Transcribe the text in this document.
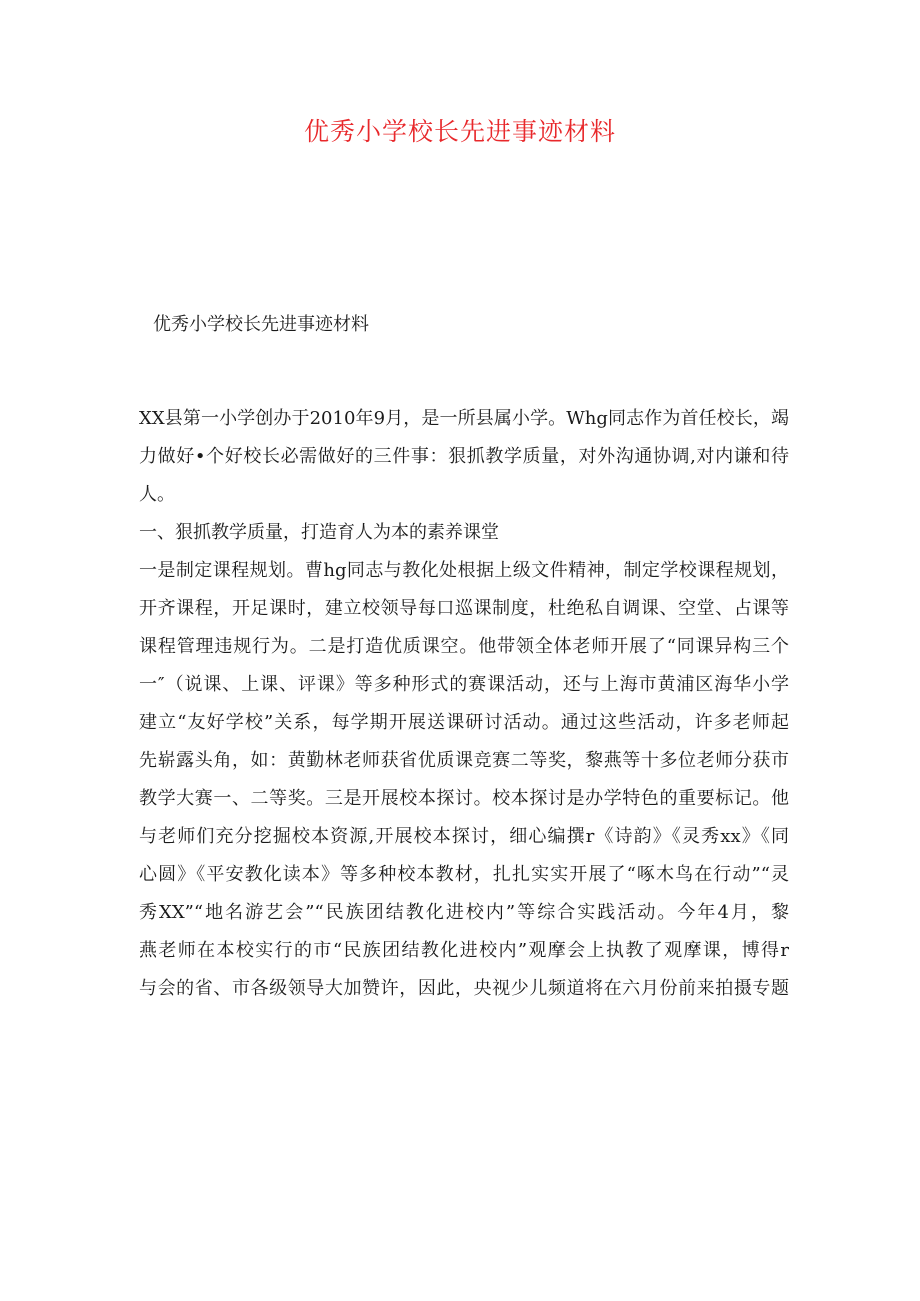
优秀小学校长先进事迹材料
优秀小学校长先进事迹材料
XX县第一小学创办于2010年9月，是一所县属小学。Whg同志作为首任校长，竭
力做好•个好校长必需做好的三件事：狠抓教学质量，对外沟通协调,对内谦和待
人。
一、狠抓教学质量，打造育人为本的素养课堂
一是制定课程规划。曹hg同志与教化处根据上级文件精神，制定学校课程规划，
开齐课程，开足课时，建立校领导每口巡课制度，杜绝私自调课、空堂、占课等
课程管理违规行为。二是打造优质课空。他带领全体老师开展了“同课异构三个
一″（说课、上课、评课》等多种形式的赛课活动，还与上海市黄浦区海华小学
建立“友好学校”关系，每学期开展送课研讨活动。通过这些活动，许多老师起
先崭露头角，如：黄勤林老师获省优质课竞赛二等奖，黎燕等十多位老师分获市
教学大赛一、二等奖。三是开展校本探讨。校本探讨是办学特色的重要标记。他
与老师们充分挖掘校本资源,开展校本探讨，细心编撰r《诗韵》《灵秀xx》《同
心圆》《平安教化读本》等多种校本教材，扎扎实实开展了“啄木鸟在行动”“灵
秀XX”“地名游艺会”“民族团结教化进校内”等综合实践活动。今年4月，黎
燕老师在本校实行的市“民族团结教化进校内”观摩会上执教了观摩课，博得r
与会的省、市各级领导大加赞许，因此，央视少儿频道将在六月份前来拍摄专题
